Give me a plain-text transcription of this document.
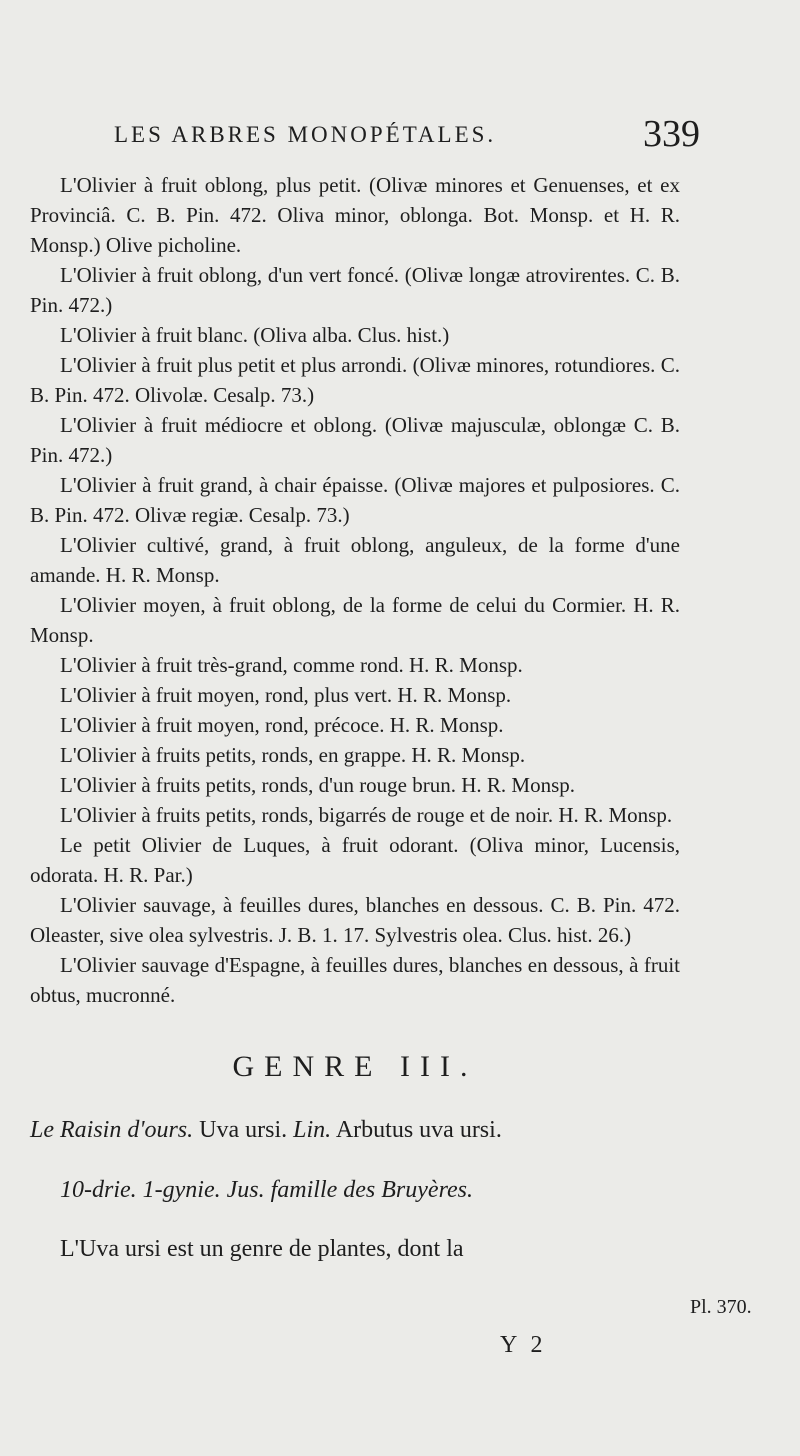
LES ARBRES MONOPÉTALES.	339

L'Olivier à fruit oblong, plus petit. (Olivæ minores et Genuenses, et ex Provinciâ. C. B. Pin. 472. Oliva minor, oblonga. Bot. Monsp. et H. R. Monsp.) Olive picholine.

L'Olivier à fruit oblong, d'un vert foncé. (Olivæ longæ atrovirentes. C. B. Pin. 472.)

L'Olivier à fruit blanc. (Oliva alba. Clus. hist.)

L'Olivier à fruit plus petit et plus arrondi. (Olivæ minores, rotundiores. C. B. Pin. 472. Olivolæ. Cesalp. 73.)

L'Olivier à fruit médiocre et oblong. (Olivæ majusculæ, oblongæ C. B. Pin. 472.)

L'Olivier à fruit grand, à chair épaisse. (Olivæ majores et pulposiores. C. B. Pin. 472. Olivæ regiæ. Cesalp. 73.)

L'Olivier cultivé, grand, à fruit oblong, anguleux, de la forme d'une amande. H. R. Monsp.

L'Olivier moyen, à fruit oblong, de la forme de celui du Cormier. H. R. Monsp.

L'Olivier à fruit très-grand, comme rond. H. R. Monsp.

L'Olivier à fruit moyen, rond, plus vert. H. R. Monsp.

L'Olivier à fruit moyen, rond, précoce. H. R. Monsp.

L'Olivier à fruits petits, ronds, en grappe. H. R. Monsp.

L'Olivier à fruits petits, ronds, d'un rouge brun. H. R. Monsp.

L'Olivier à fruits petits, ronds, bigarrés de rouge et de noir. H. R. Monsp.

Le petit Olivier de Luques, à fruit odorant. (Oliva minor, Lucensis, odorata. H. R. Par.)

L'Olivier sauvage, à feuilles dures, blanches en dessous. C. B. Pin. 472. Oleaster, sive olea sylvestris. J. B. 1. 17. Sylvestris olea. Clus. hist. 26.)

L'Olivier sauvage d'Espagne, à feuilles dures, blanches en dessous, à fruit obtus, mucronné.

GENRE III.

Le Raisin d'ours. Uva ursi. Lin. Arbutus uva ursi.

10-drie. 1-gynie. Jus. famille des Bruyères.

L'Uva ursi est un genre de plantes, dont la

Pl. 370.
Y 2
